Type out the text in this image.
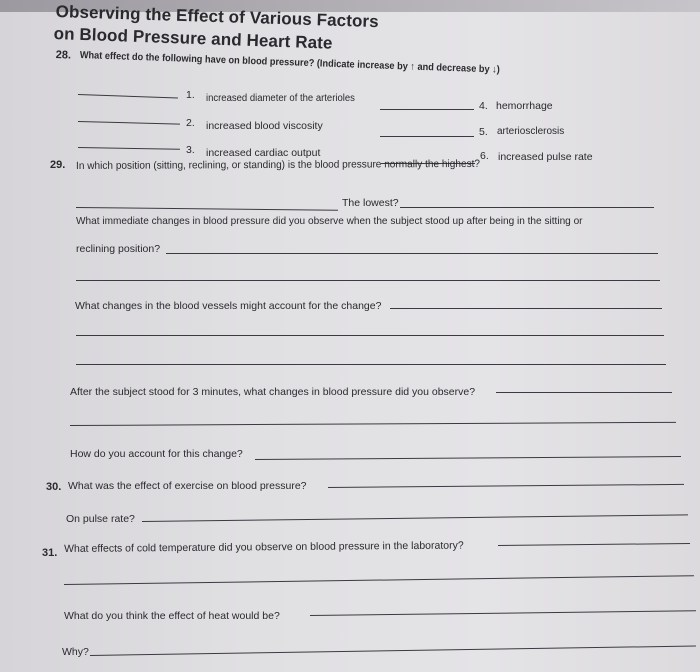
Observing the Effect of Various Factors
on Blood Pressure and Heart Rate
28. What effect do the following have on blood pressure? (Indicate increase by ↑ and decrease by ↓)
1. increased diameter of the arterioles
2. increased blood viscosity
3. increased cardiac output
4. hemorrhage
5. arteriosclerosis
6. increased pulse rate
29. In which position (sitting, reclining, or standing) is the blood pressure normally the highest?
The lowest?
What immediate changes in blood pressure did you observe when the subject stood up after being in the sitting or
reclining position?
What changes in the blood vessels might account for the change?
After the subject stood for 3 minutes, what changes in blood pressure did you observe?
How do you account for this change?
30. What was the effect of exercise on blood pressure?
On pulse rate?
31. What effects of cold temperature did you observe on blood pressure in the laboratory?
What do you think the effect of heat would be?
Why?
